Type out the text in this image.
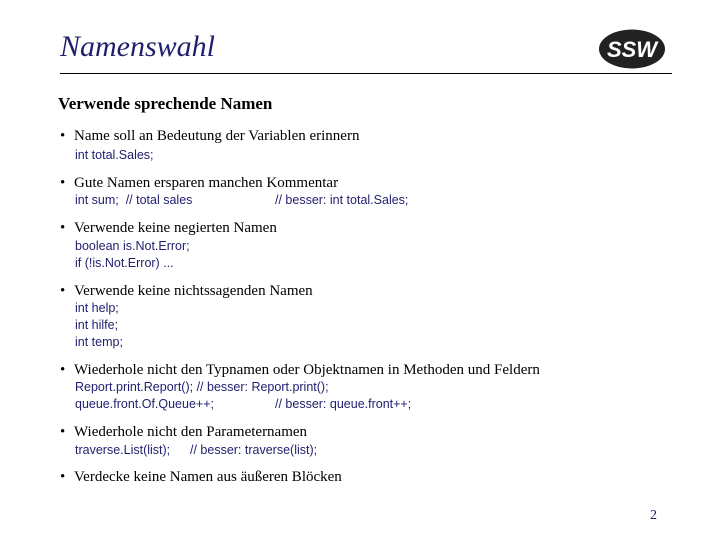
Namenswahl	SSW
Verwende sprechende Namen
• Name soll an Bedeutung der Variablen erinnern
int total.Sales;
• Gute Namen ersparen manchen Kommentar
int sum;  // total sales	// besser: int total.Sales;
• Verwende keine negierten Namen
boolean is.Not.Error;
if (!is.Not.Error) ...
• Verwende keine nichtssagenden Namen
int help;
int hilfe;
int temp;
• Wiederhole nicht den Typnamen oder Objektnamen in Methoden und Feldern
Report.print.Report(); // besser: Report.print();
queue.front.Of.Queue++;	// besser: queue.front++;
• Wiederhole nicht den Parameternamen
traverse.List(list); // besser: traverse(list);
• Verdecke keine Namen aus äußeren Blöcken
2
